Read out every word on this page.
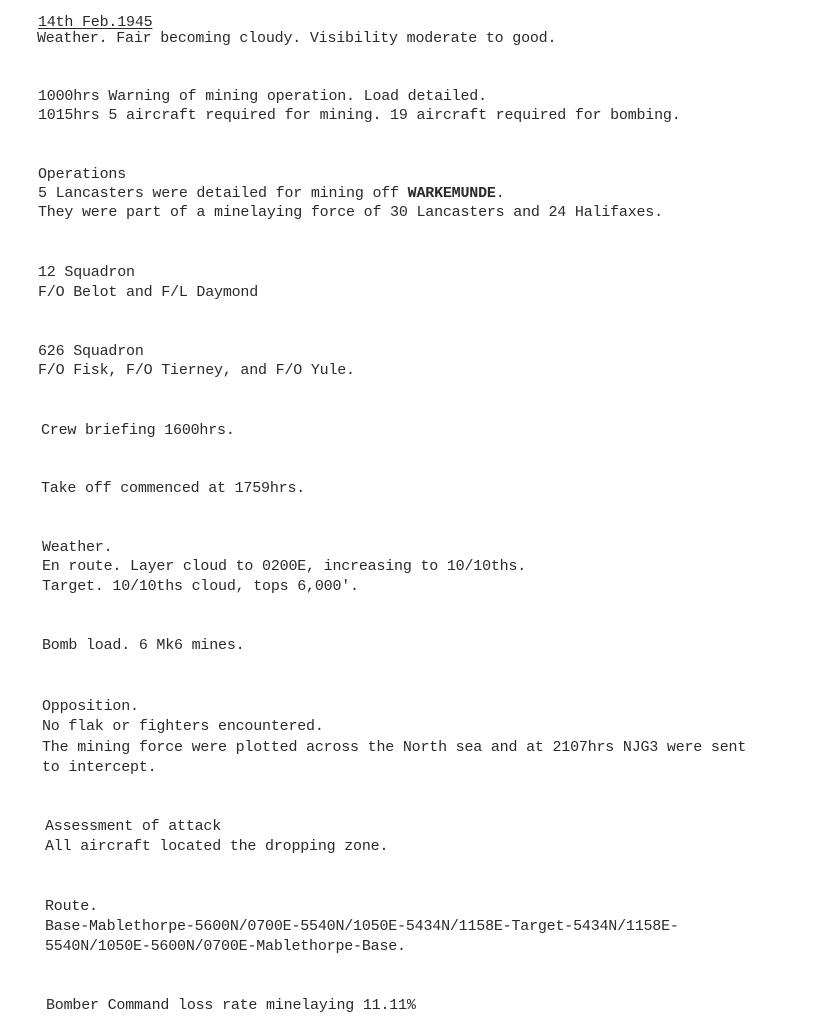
14th Feb.1945
Weather. Fair becoming cloudy. Visibility moderate to good.
1000hrs Warning of mining operation. Load detailed.
1015hrs 5 aircraft required for mining. 19 aircraft required for bombing.
Operations
5 Lancasters were detailed for mining off WARKEMUNDE.
They were part of a minelaying force of 30 Lancasters and 24 Halifaxes.
12 Squadron
F/O Belot and F/L Daymond
626 Squadron
F/O Fisk, F/O Tierney, and F/O Yule.
Crew briefing 1600hrs.
Take off commenced at 1759hrs.
Weather.
En route. Layer cloud to 0200E, increasing to 10/10ths.
Target. 10/10ths cloud, tops 6,000'.
Bomb load. 6 Mk6 mines.
Opposition.
No flak or fighters encountered.
The mining force were plotted across the North sea and at 2107hrs NJG3 were sent
to intercept.
Assessment of attack
All aircraft located the dropping zone.
Route.
Base-Mablethorpe-5600N/0700E-5540N/1050E-5434N/1158E-Target-5434N/1158E-
5540N/1050E-5600N/0700E-Mablethorpe-Base.
Bomber Command loss rate minelaying 11.11%
